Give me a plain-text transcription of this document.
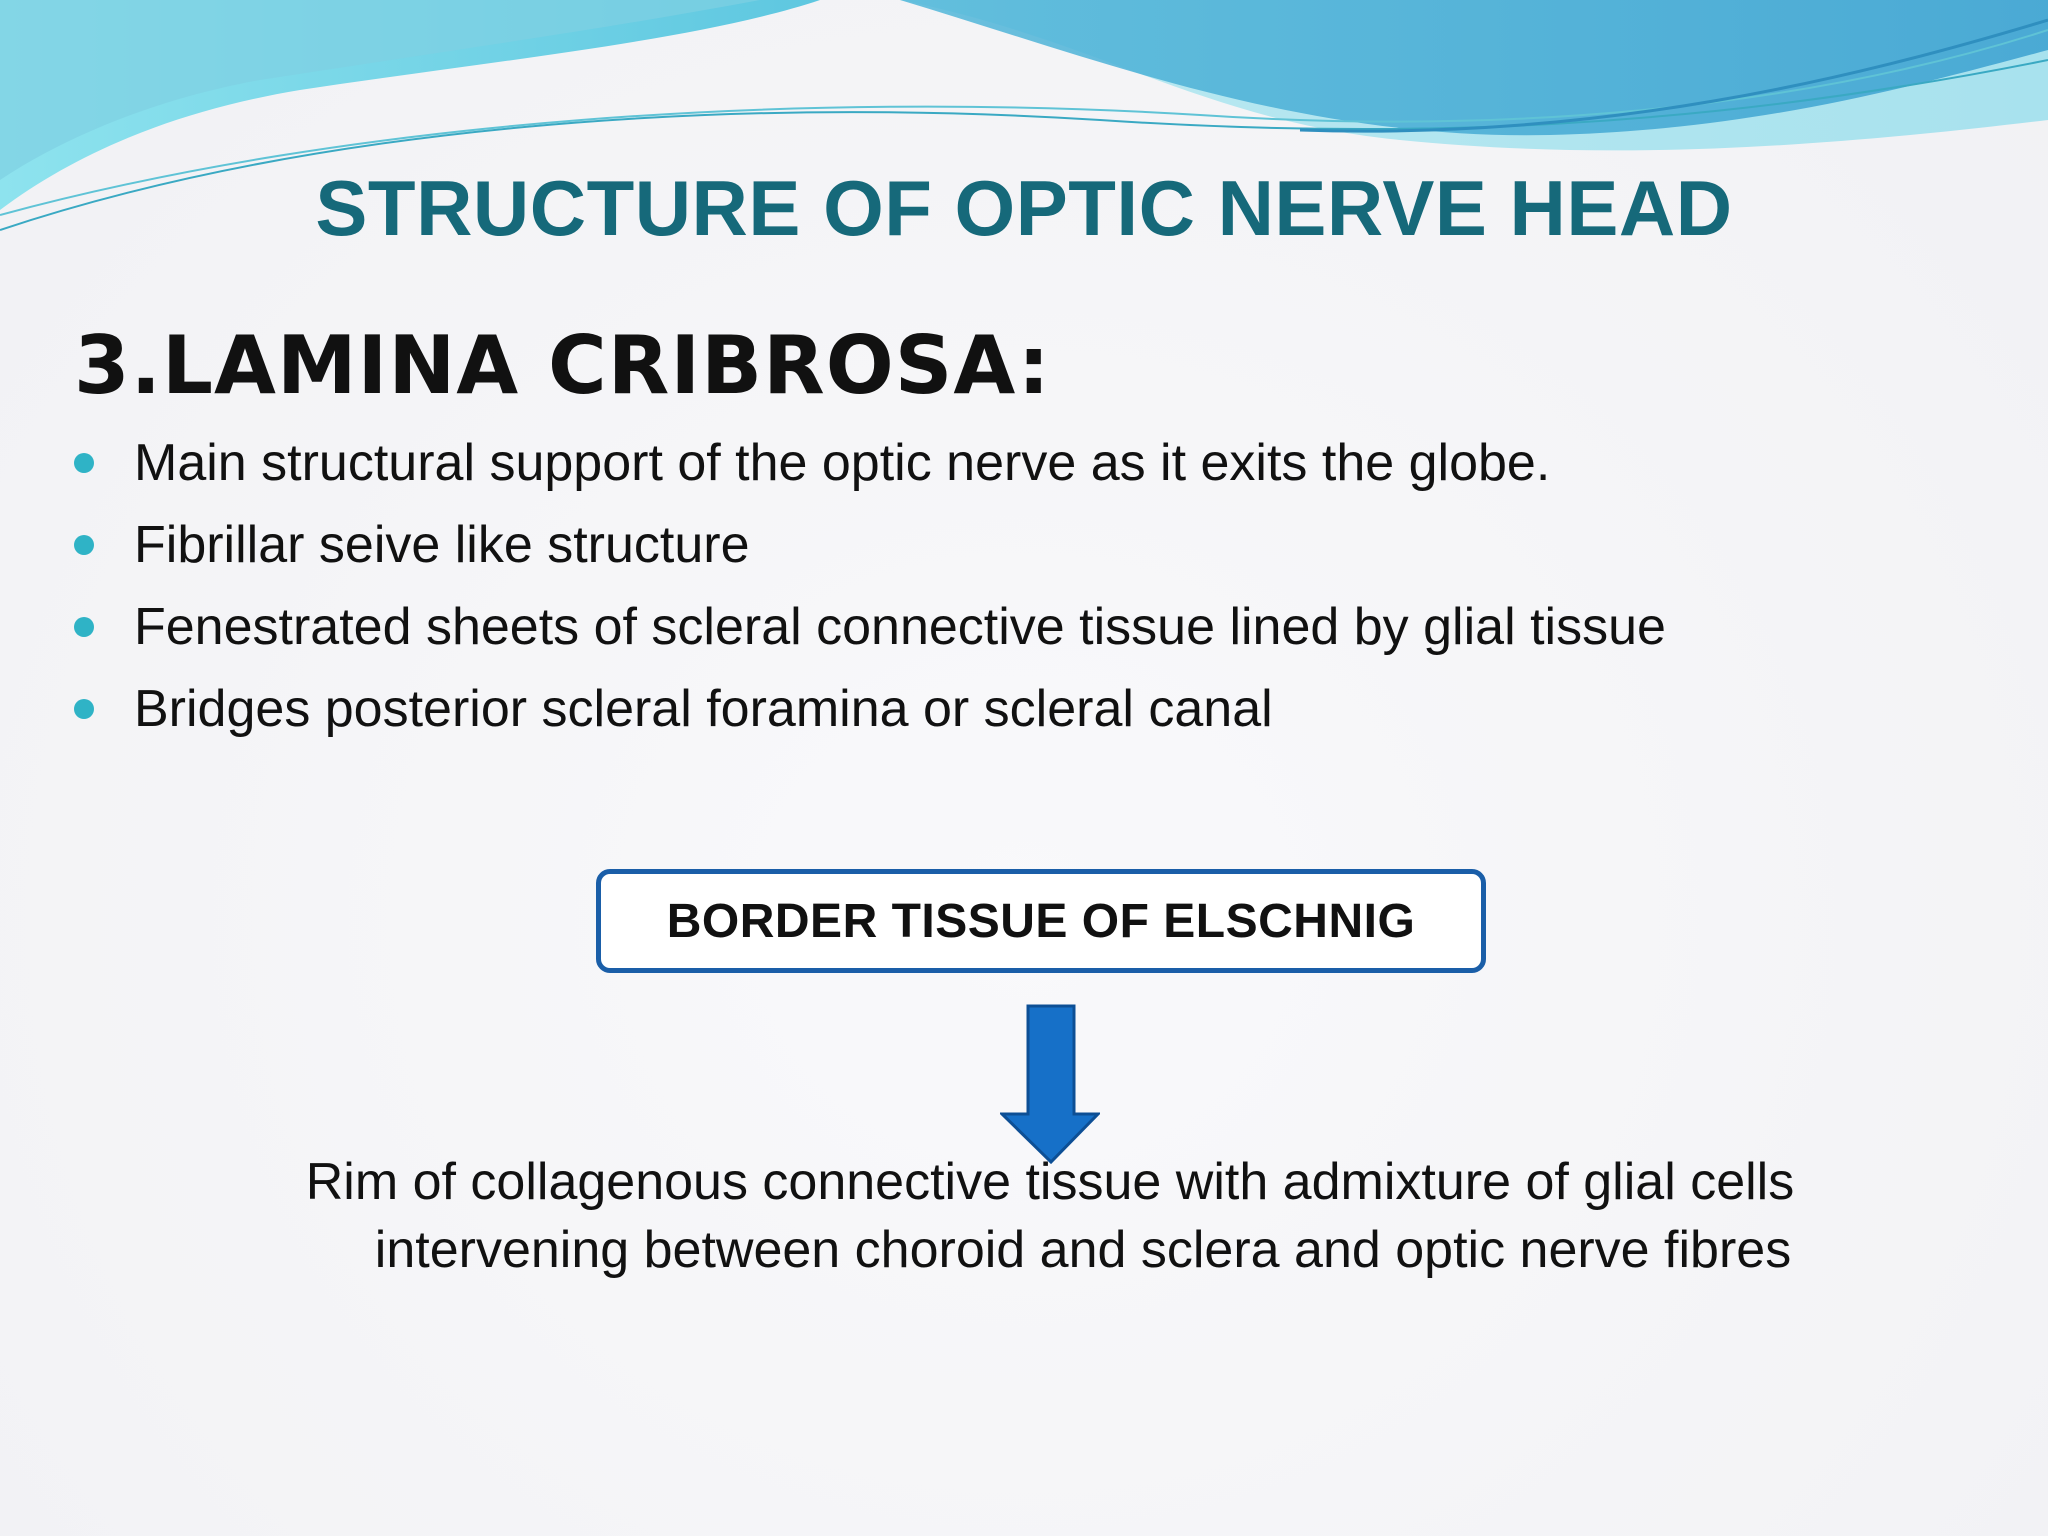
STRUCTURE OF OPTIC NERVE HEAD
3.LAMINA CRIBROSA:
Main structural support of the optic nerve as it exits the globe.
Fibrillar seive like structure
Fenestrated sheets of scleral connective tissue lined by glial tissue
Bridges posterior scleral foramina or scleral canal
BORDER TISSUE OF ELSCHNIG

Rim of collagenous connective tissue with admixture of glial cells
intervening between choroid and sclera and optic nerve fibres
